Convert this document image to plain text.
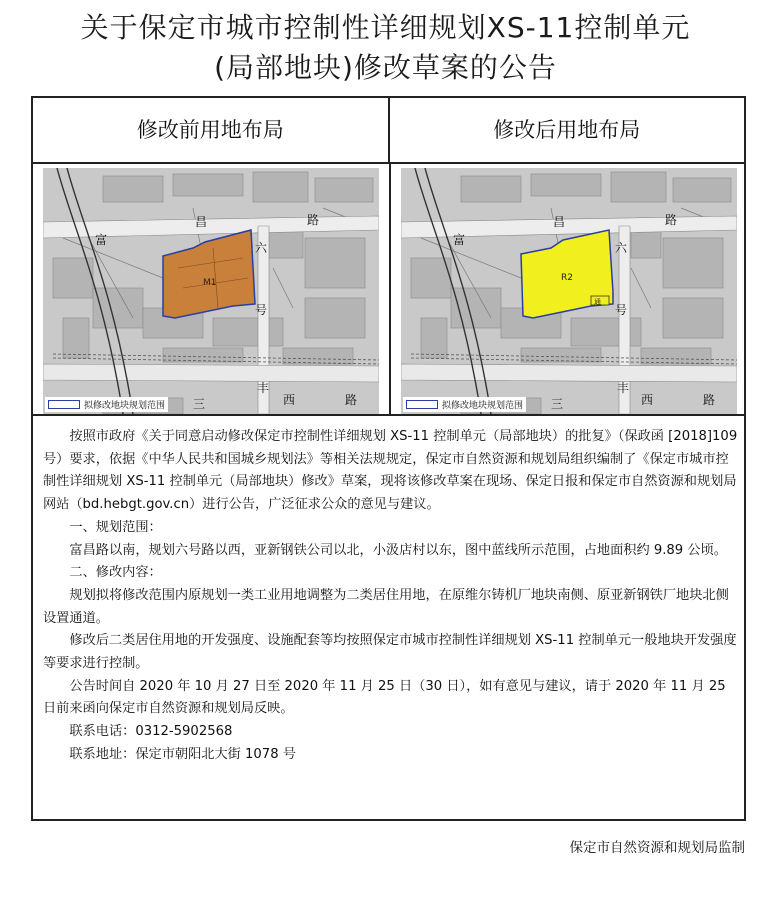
关于保定市城市控制性详细规划XS-11控制单元
(局部地块)修改草案的公告
修改前用地布局	修改后用地布局
M1
富
昌	路
六
号
三
丰
西	路
拟修改地块规划范围
通
R2
富
昌	路
六
号
三
丰
西	路
拟修改地块规划范围

按照市政府《关于同意启动修改保定市控制性详细规划 XS-11 控制单元（局部地块）的批复》（保政函 [2018]109 号）要求，依据《中华人民共和国城乡规划法》等相关法规规定，保定市自然资源和规划局组织编制了《保定市城市控制性详细规划 XS-11 控制单元（局部地块）修改》草案，现将该修改草案在现场、保定日报和保定市自然资源和规划局网站（bd.hebgt.gov.cn）进行公告，广泛征求公众的意见与建议。

一、规划范围：

富昌路以南，规划六号路以西，亚新钢铁公司以北，小汲店村以东，图中蓝线所示范围，占地面积约 9.89 公顷。

二、修改内容：

规划拟将修改范围内原规划一类工业用地调整为二类居住用地，在原维尔铸机厂地块南侧、原亚新钢铁厂地块北侧设置通道。

修改后二类居住用地的开发强度、设施配套等均按照保定市城市控制性详细规划 XS-11 控制单元一般地块开发强度等要求进行控制。

公告时间自 2020 年 10 月 27 日至 2020 年 11 月 25 日（30 日），如有意见与建议，请于 2020 年 11 月 25 日前来函向保定市自然资源和规划局反映。

联系电话：0312-5902568

联系地址：保定市朝阳北大街 1078 号

保定市自然资源和规划局监制
